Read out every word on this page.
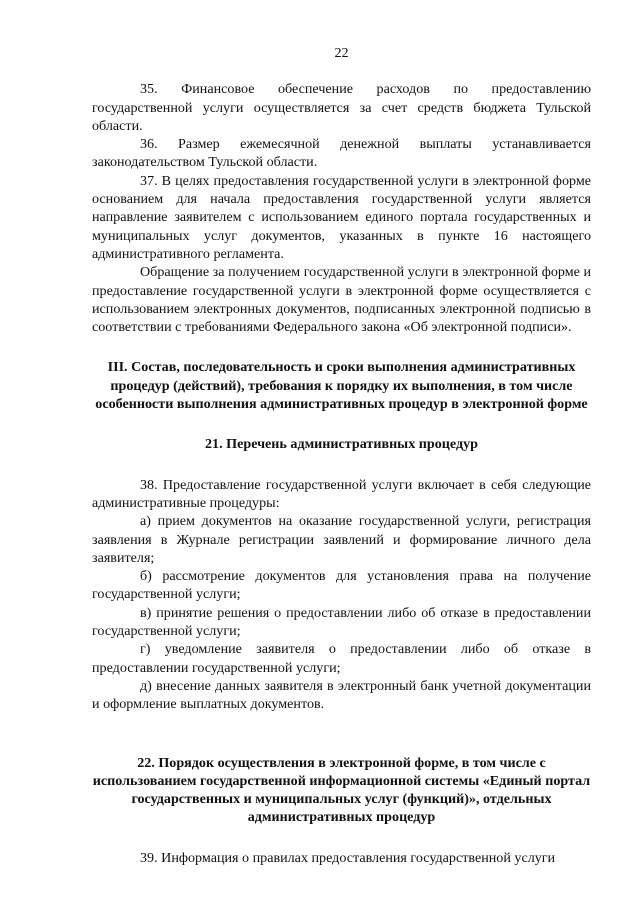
22

35. Финансовое обеспечение расходов по предоставлению государственной услуги осуществляется за счет средств бюджета Тульской области.

36. Размер ежемесячной денежной выплаты устанавливается законодательством Тульской области.

37. В целях предоставления государственной услуги в электронной форме основанием для начала предоставления государственной услуги является направление заявителем с использованием единого портала государственных и муниципальных услуг документов, указанных в пункте 16 настоящего административного регламента.

Обращение за получением государственной услуги в электронной форме и предоставление государственной услуги в электронной форме осуществляется с использованием электронных документов, подписанных электронной подписью в соответствии с требованиями Федерального закона «Об электронной подписи».

III. Состав, последовательность и сроки выполнения административных процедур (действий), требования к порядку их выполнения, в том числе особенности выполнения административных процедур в электронной форме
21. Перечень административных процедур

38. Предоставление государственной услуги включает в себя следующие административные процедуры:

а) прием документов на оказание государственной услуги, регистрация заявления в Журнале регистрации заявлений и формирование личного дела заявителя;

б) рассмотрение документов для установления права на получение государственной услуги;

в) принятие решения о предоставлении либо об отказе в предоставлении государственной услуги;

г) уведомление заявителя о предоставлении либо об отказе в предоставлении государственной услуги;

д) внесение данных заявителя в электронный банк учетной документации и оформление выплатных документов.

22. Порядок осуществления в электронной форме, в том числе с использованием государственной информационной системы «Единый портал государственных и муниципальных услуг (функций)», отдельных административных процедур

39. Информация о правилах предоставления государственной услуги
